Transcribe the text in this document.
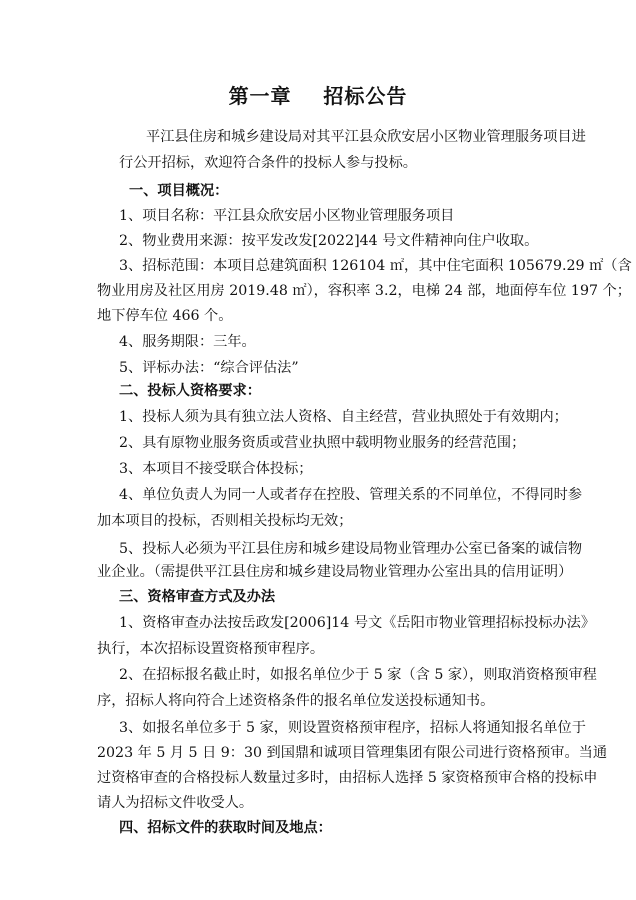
第一章    招标公告

平江县住房和城乡建设局对其平江县众欣安居小区物业管理服务项目进

行公开招标，欢迎符合条件的投标人参与投标。

一、项目概况：

1、项目名称：平江县众欣安居小区物业管理服务项目

2、物业费用来源：按平发改发[2022]44 号文件精神向住户收取。

3、招标范围：本项目总建筑面积 126104 ㎡，其中住宅面积 105679.29 ㎡（含

物业用房及社区用房 2019.48 ㎡），容积率 3.2，电梯 24 部，地面停车位 197 个；

地下停车位 466 个。

4、服务期限：三年。

5、评标办法：“综合评估法”

二、投标人资格要求：

1、投标人须为具有独立法人资格、自主经营，营业执照处于有效期内；

2、具有原物业服务资质或营业执照中载明物业服务的经营范围；

3、本项目不接受联合体投标；

4、单位负责人为同一人或者存在控股、管理关系的不同单位，不得同时参

加本项目的投标，否则相关投标均无效；

5、投标人必须为平江县住房和城乡建设局物业管理办公室已备案的诚信物

业企业。（需提供平江县住房和城乡建设局物业管理办公室出具的信用证明）

三、资格审查方式及办法

1、资格审查办法按岳政发[2006]14 号文《岳阳市物业管理招标投标办法》

执行，本次招标设置资格预审程序。

2、在招标报名截止时，如报名单位少于 5 家（含 5 家），则取消资格预审程

序，招标人将向符合上述资格条件的报名单位发送投标通知书。

3、如报名单位多于 5 家，则设置资格预审程序，招标人将通知报名单位于

2023 年 5 月 5 日 9：30 到国鼎和诚项目管理集团有限公司进行资格预审。当通

过资格审查的合格投标人数量过多时，由招标人选择 5 家资格预审合格的投标申

请人为招标文件收受人。

四、招标文件的获取时间及地点：
